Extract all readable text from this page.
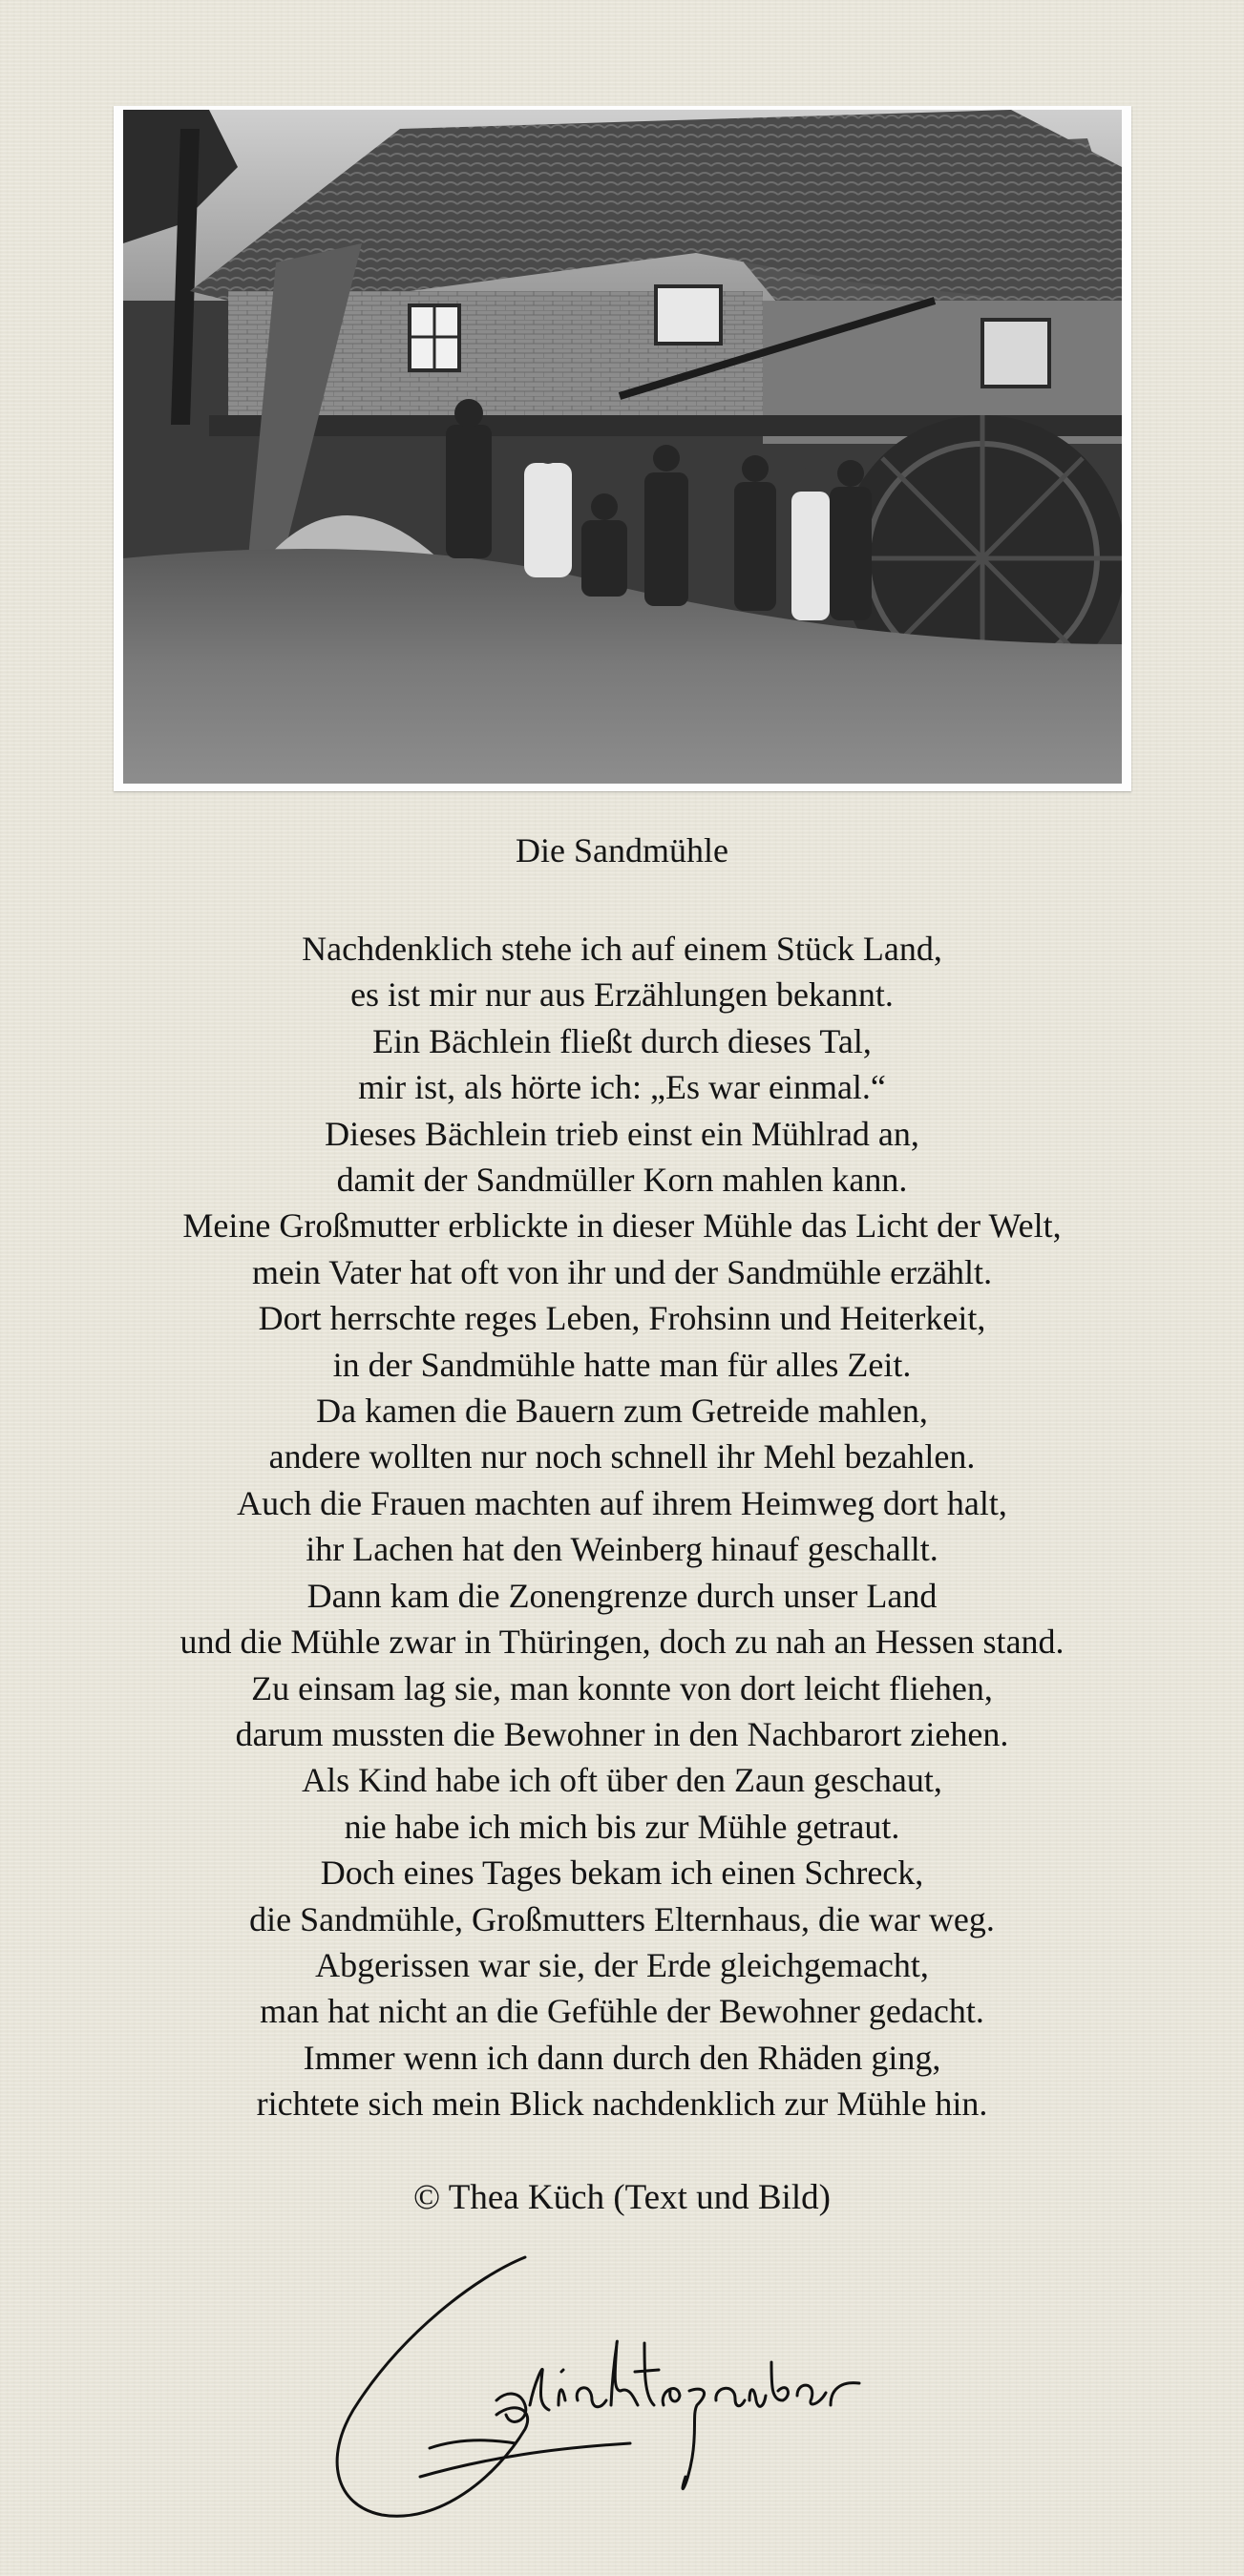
Die Sandmühle
Nachdenklich stehe ich auf einem Stück Land,
es ist mir nur aus Erzählungen bekannt.
Ein Bächlein fließt durch dieses Tal,
mir ist, als hörte ich: „Es war einmal.“
Dieses Bächlein trieb einst ein Mühlrad an,
damit der Sandmüller Korn mahlen kann.
Meine Großmutter erblickte in dieser Mühle das Licht der Welt,
mein Vater hat oft von ihr und der Sandmühle erzählt.
Dort herrschte reges Leben, Frohsinn und Heiterkeit,
in der Sandmühle hatte man für alles Zeit.
Da kamen die Bauern zum Getreide mahlen,
andere wollten nur noch schnell ihr Mehl bezahlen.
Auch die Frauen machten auf ihrem Heimweg dort halt,
ihr Lachen hat den Weinberg hinauf geschallt.
Dann kam die Zonengrenze durch unser Land
und die Mühle zwar in Thüringen, doch zu nah an Hessen stand.
Zu einsam lag sie, man konnte von dort leicht fliehen,
darum mussten die Bewohner in den Nachbarort ziehen.
Als Kind habe ich oft über den Zaun geschaut,
nie habe ich mich bis zur Mühle getraut.
Doch eines Tages bekam ich einen Schreck,
die Sandmühle, Großmutters Elternhaus, die war weg.
Abgerissen war sie, der Erde gleichgemacht,
man hat nicht an die Gefühle der Bewohner gedacht.
Immer wenn ich dann durch den Rhäden ging,
richtete sich mein Blick nachdenklich zur Mühle hin.
© Thea Küch (Text und Bild)
